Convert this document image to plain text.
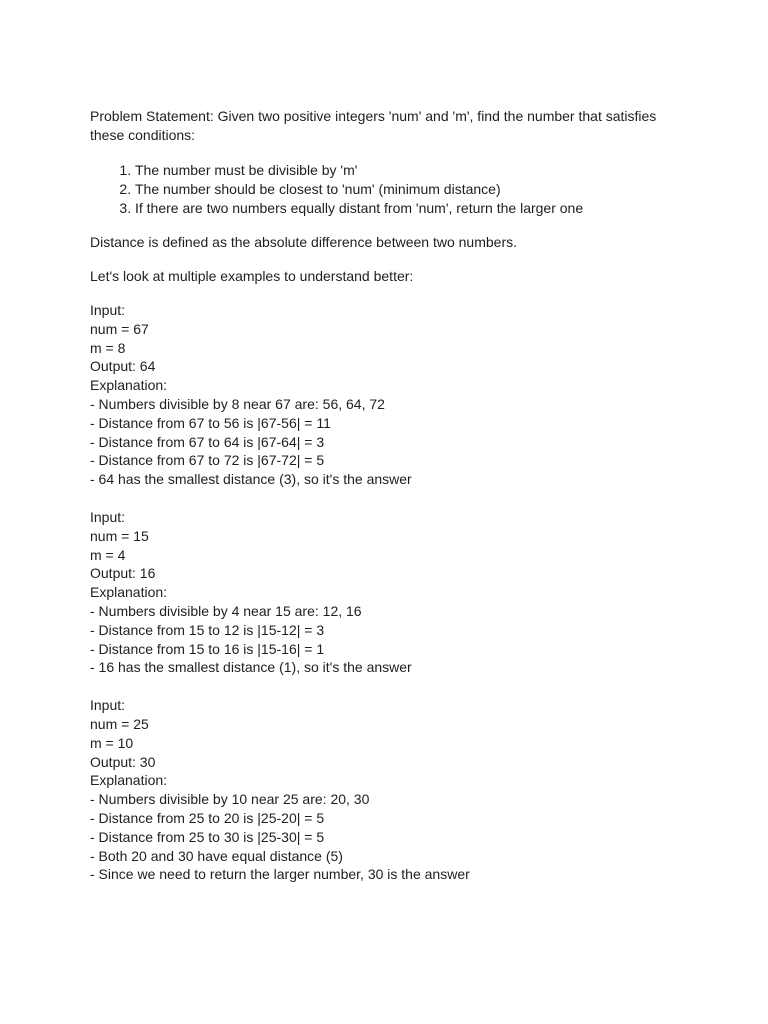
Problem Statement: Given two positive integers 'num' and 'm', find the number that satisfies these conditions:

1. The number must be divisible by 'm'
2. The number should be closest to 'num' (minimum distance)
3. If there are two numbers equally distant from 'num', return the larger one

Distance is defined as the absolute difference between two numbers.

Let's look at multiple examples to understand better:

Input:
num = 67
m = 8
Output: 64
Explanation:
- Numbers divisible by 8 near 67 are: 56, 64, 72
- Distance from 67 to 56 is |67-56| = 11
- Distance from 67 to 64 is |67-64| = 3
- Distance from 67 to 72 is |67-72| = 5
- 64 has the smallest distance (3), so it's the answer
Input:
num = 15
m = 4
Output: 16
Explanation:
- Numbers divisible by 4 near 15 are: 12, 16
- Distance from 15 to 12 is |15-12| = 3
- Distance from 15 to 16 is |15-16| = 1
- 16 has the smallest distance (1), so it's the answer
Input:
num = 25
m = 10
Output: 30
Explanation:
- Numbers divisible by 10 near 25 are: 20, 30
- Distance from 25 to 20 is |25-20| = 5
- Distance from 25 to 30 is |25-30| = 5
- Both 20 and 30 have equal distance (5)
- Since we need to return the larger number, 30 is the answer
